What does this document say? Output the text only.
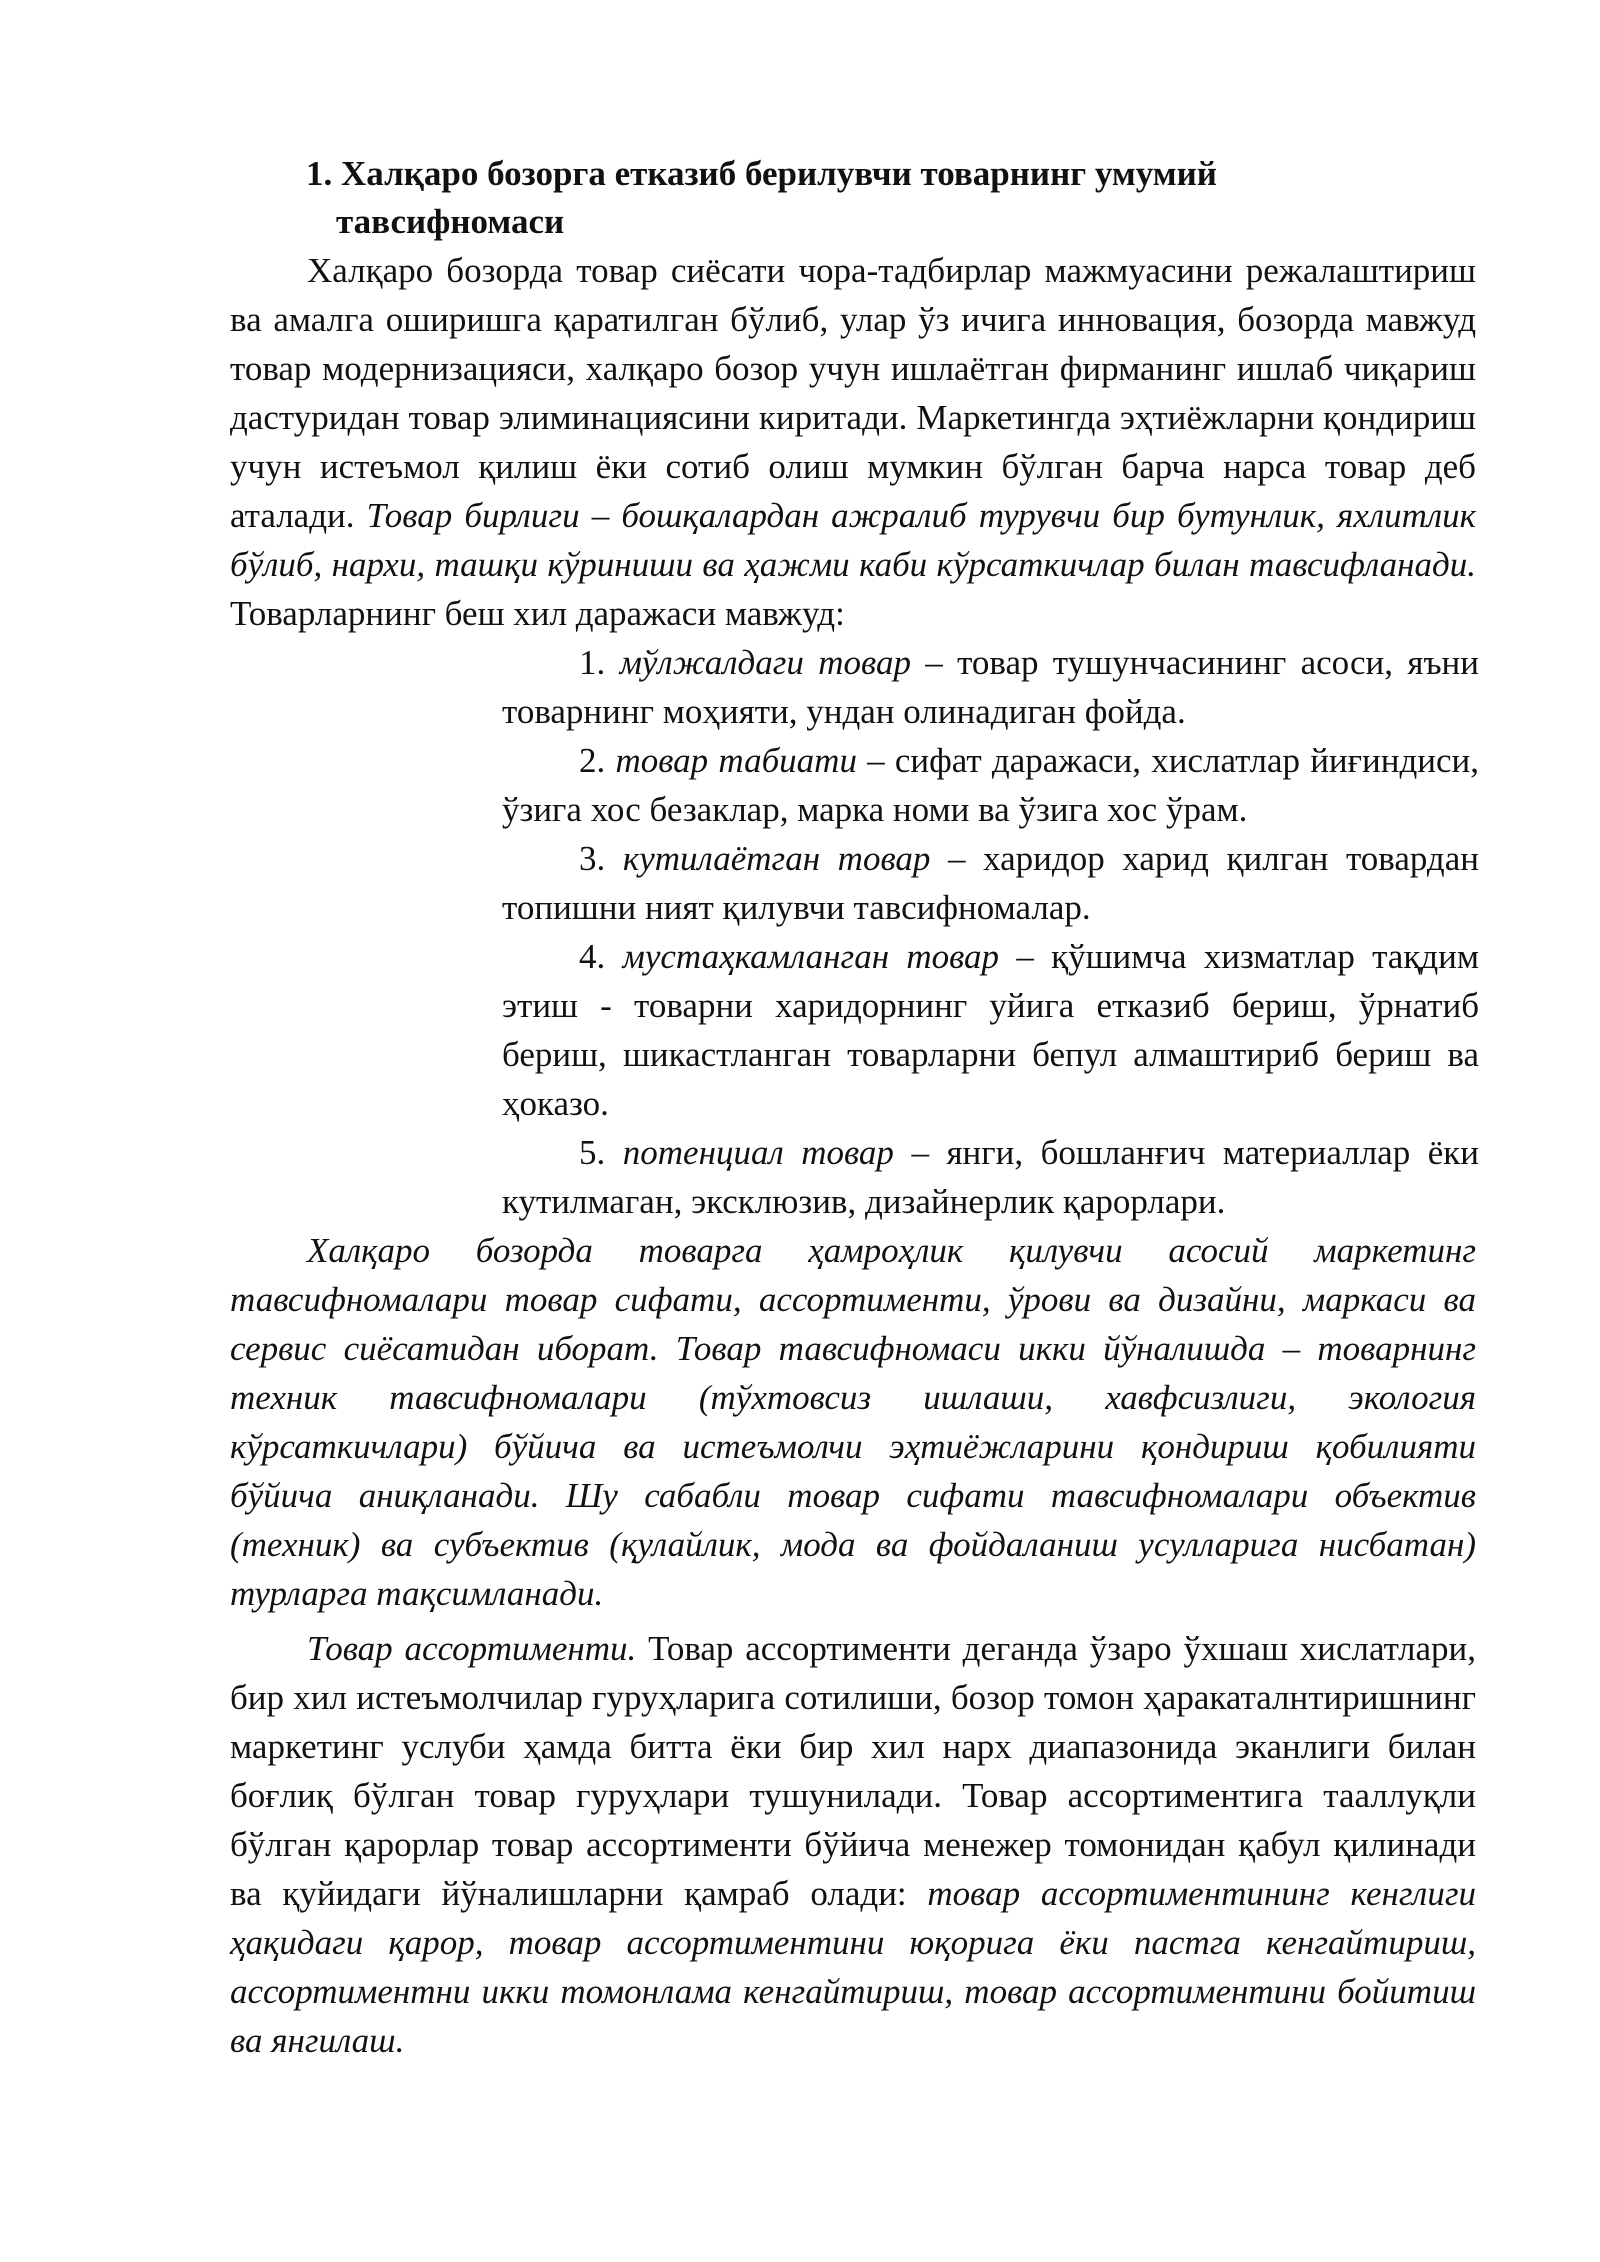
1. Халқаро бозорга етказиб берилувчи товарнинг умумий тавсифномаси

Халқаро бозорда товар сиёсати чора-тадбирлар мажмуасини режалаштириш ва амалга оширишга қаратилган бўлиб, улар ўз ичига инновация, бозорда мавжуд товар модернизацияси, халқаро бозор учун ишлаётган фирманинг ишлаб чиқариш дастуридан товар элиминациясини киритади. Маркетингда эҳтиёжларни қондириш учун истеъмол қилиш ёки сотиб олиш мумкин бўлган барча нарса товар деб аталади. Товар бирлиги – бошқалардан ажралиб турувчи бир бутунлик, яхлитлик бўлиб, нархи, ташқи кўриниши ва ҳажми каби кўрсаткичлар билан тавсифланади. Товарларнинг беш хил даражаси мавжуд:

1. мўлжалдаги товар – товар тушунчасининг асоси, яъни товарнинг моҳияти, ундан олинадиган фойда.

2. товар табиати – сифат даражаси, хислатлар йиғиндиси, ўзига хос безаклар, марка номи ва ўзига хос ўрам.

3. кутилаётган товар – харидор харид қилган товардан топишни ният қилувчи тавсифномалар.

4. мустаҳкамланган товар – қўшимча хизматлар тақдим этиш - товарни харидорнинг уйига етказиб бериш, ўрнатиб бериш, шикастланган товарларни бепул алмаштириб бериш ва ҳоказо.

5. потенциал товар – янги, бошланғич материаллар ёки кутилмаган, эксклюзив, дизайнерлик қарорлари.

Халқаро бозорда товарга ҳамроҳлик қилувчи асосий маркетинг тавсифномалари товар сифати, ассортименти, ўрови ва дизайни, маркаси ва сервис сиёсатидан иборат. Товар тавсифномаси икки йўналишда – товарнинг техник тавсифномалари (тўхтовсиз ишлаши, хавфсизлиги, экология кўрсаткичлари) бўйича ва истеъмолчи эҳтиёжларини қондириш қобилияти бўйича аниқланади. Шу сабабли товар сифати тавсифномалари объектив (техник) ва субъектив (қулайлик, мода ва фойдаланиш усулларига нисбатан) турларга тақсимланади.

Товар ассортименти. Товар ассортименти деганда ўзаро ўхшаш хислатлари, бир хил истеъмолчилар гуруҳларига сотилиши, бозор томон ҳаракаталнтиришнинг маркетинг услуби ҳамда битта ёки бир хил нарх диапазонида эканлиги билан боғлиқ бўлган товар гуруҳлари тушунилади. Товар ассортиментига тааллуқли бўлган қарорлар товар ассортименти бўйича менежер томонидан қабул қилинади ва қуйидаги йўналишларни қамраб олади: товар ассортиментининг кенглиги ҳақидаги қарор, товар ассортиментини юқорига ёки пастга кенгайтириш, ассортиментни икки томонлама кенгайтириш, товар ассортиментини бойитиш ва янгилаш.
